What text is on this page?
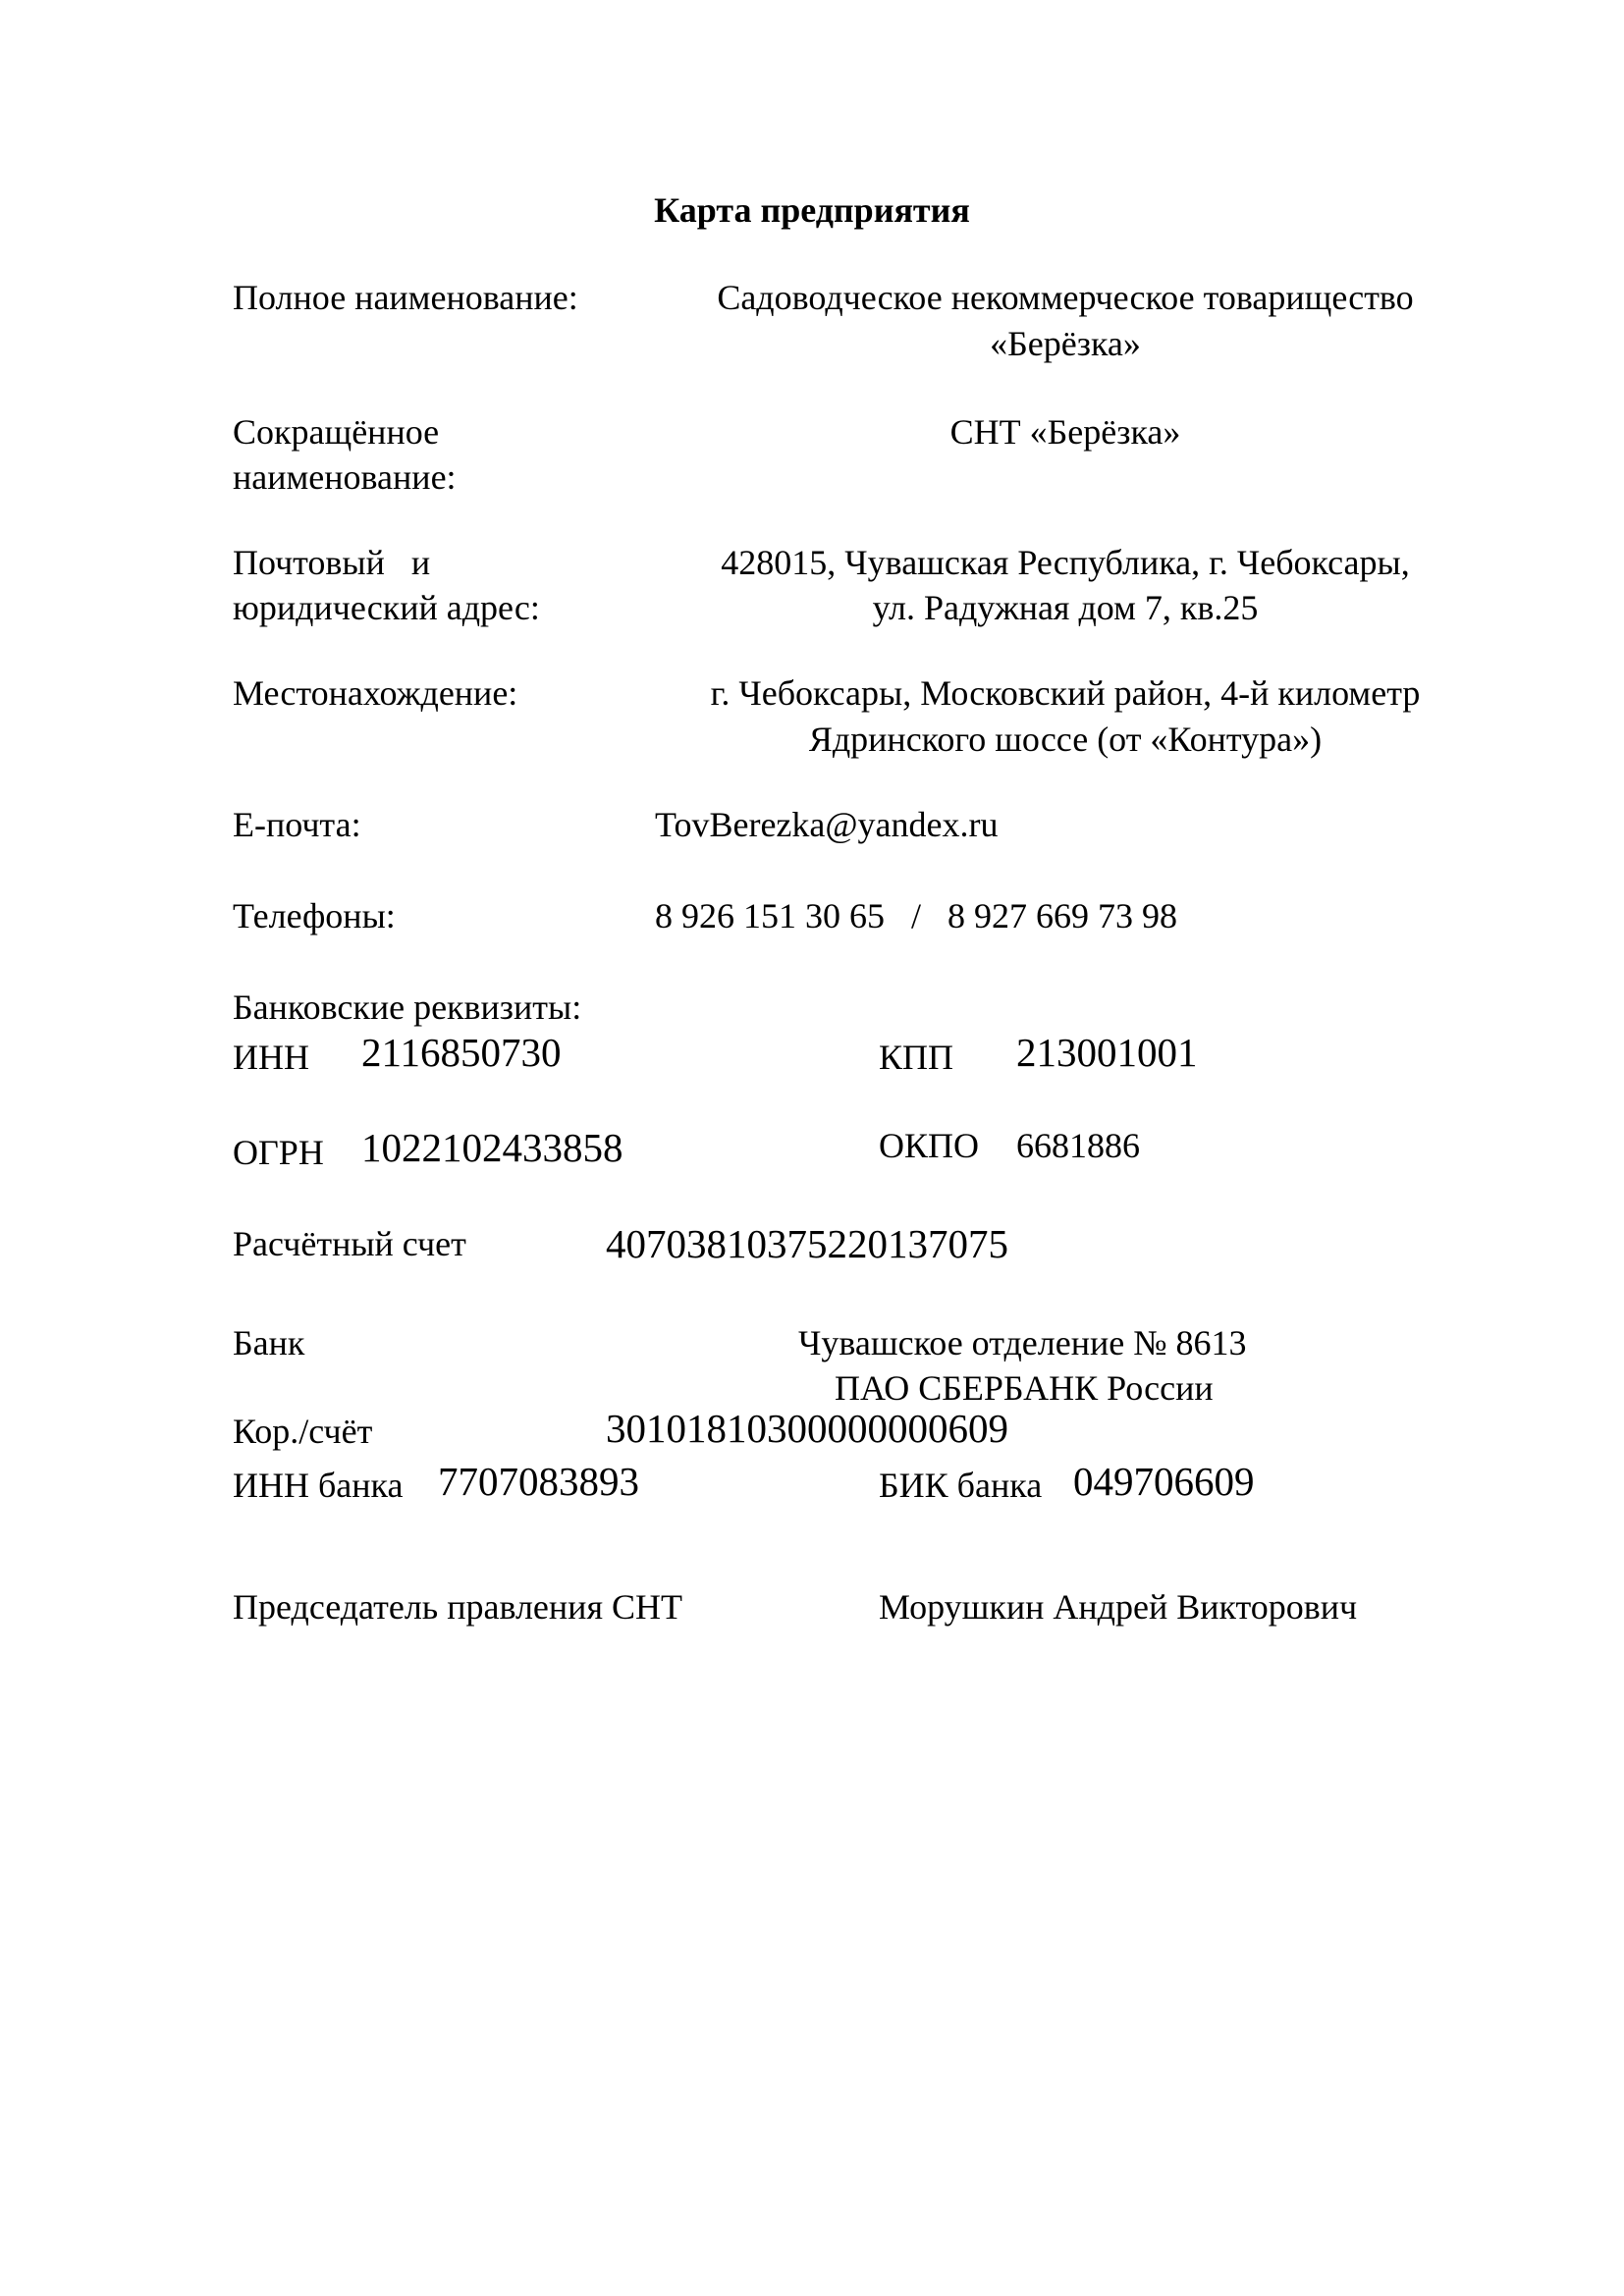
Карта предприятия
Полное наименование:	Садоводческое некоммерческое товарищество
«Берёзка»
Сокращённое
наименование:
СНТ «Берёзка»
Почтовый   и
юридический адрес:
428015, Чувашская Республика, г. Чебоксары,
ул. Радужная дом 7, кв.25
Местонахождение:	г. Чебоксары, Московский район, 4-й километр
Ядринского шоссе (от «Контура»)
Е-почта:	TovBerezka@yandex.ru
Телефоны:	8 926 151 30 65   /   8 927 669 73 98
Банковские реквизиты:
ИНН 2116850730	КПП 213001001
ОГРН 1022102433858	ОКПО 6681886
Расчётный счет	40703810375220137075
Банк	Чувашское отделение № 8613
ПАО СБЕРБАНК России
Кор./счёт	30101810300000000609
ИНН банка 7707083893	БИК банка 049706609
Председатель правления СНТ	Морушкин Андрей Викторович
